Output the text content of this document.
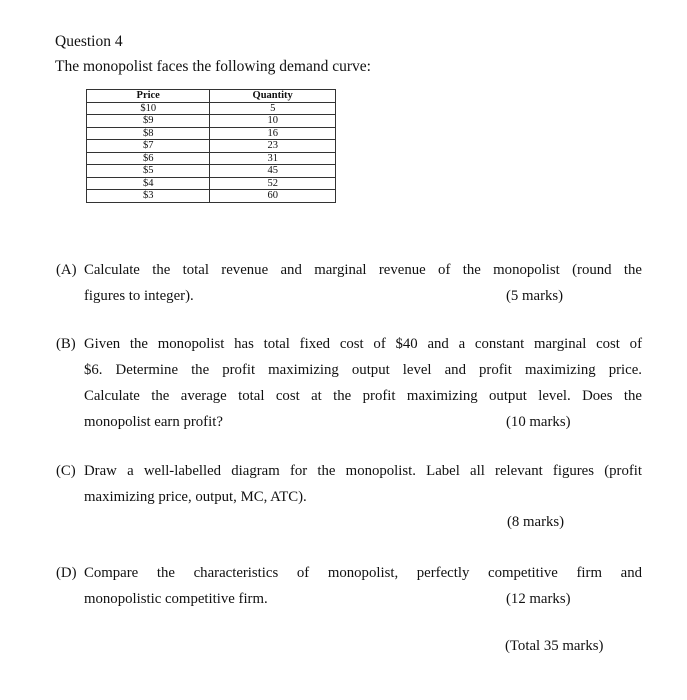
Question 4
The monopolist faces the following demand curve:
Price	Quantity
$10	5
$9	10
$8	16
$7	23
$6	31
$5	45
$4	52
$3	60
(A) Calculate the total revenue and marginal revenue of the monopolist (round the
figures to integer).	(5 marks)
(B) Given the monopolist has total fixed cost of $40 and a constant marginal cost of
$6. Determine the profit maximizing output level and profit maximizing price.
Calculate the average total cost at the profit maximizing output level. Does the
monopolist earn profit?	(10 marks)
(C) Draw a well-labelled diagram for the monopolist. Label all relevant figures (profit
maximizing price, output, MC, ATC).
(8 marks)
(D) Compare the characteristics of monopolist, perfectly competitive firm and
monopolistic competitive firm.	(12 marks)
(Total 35 marks)
